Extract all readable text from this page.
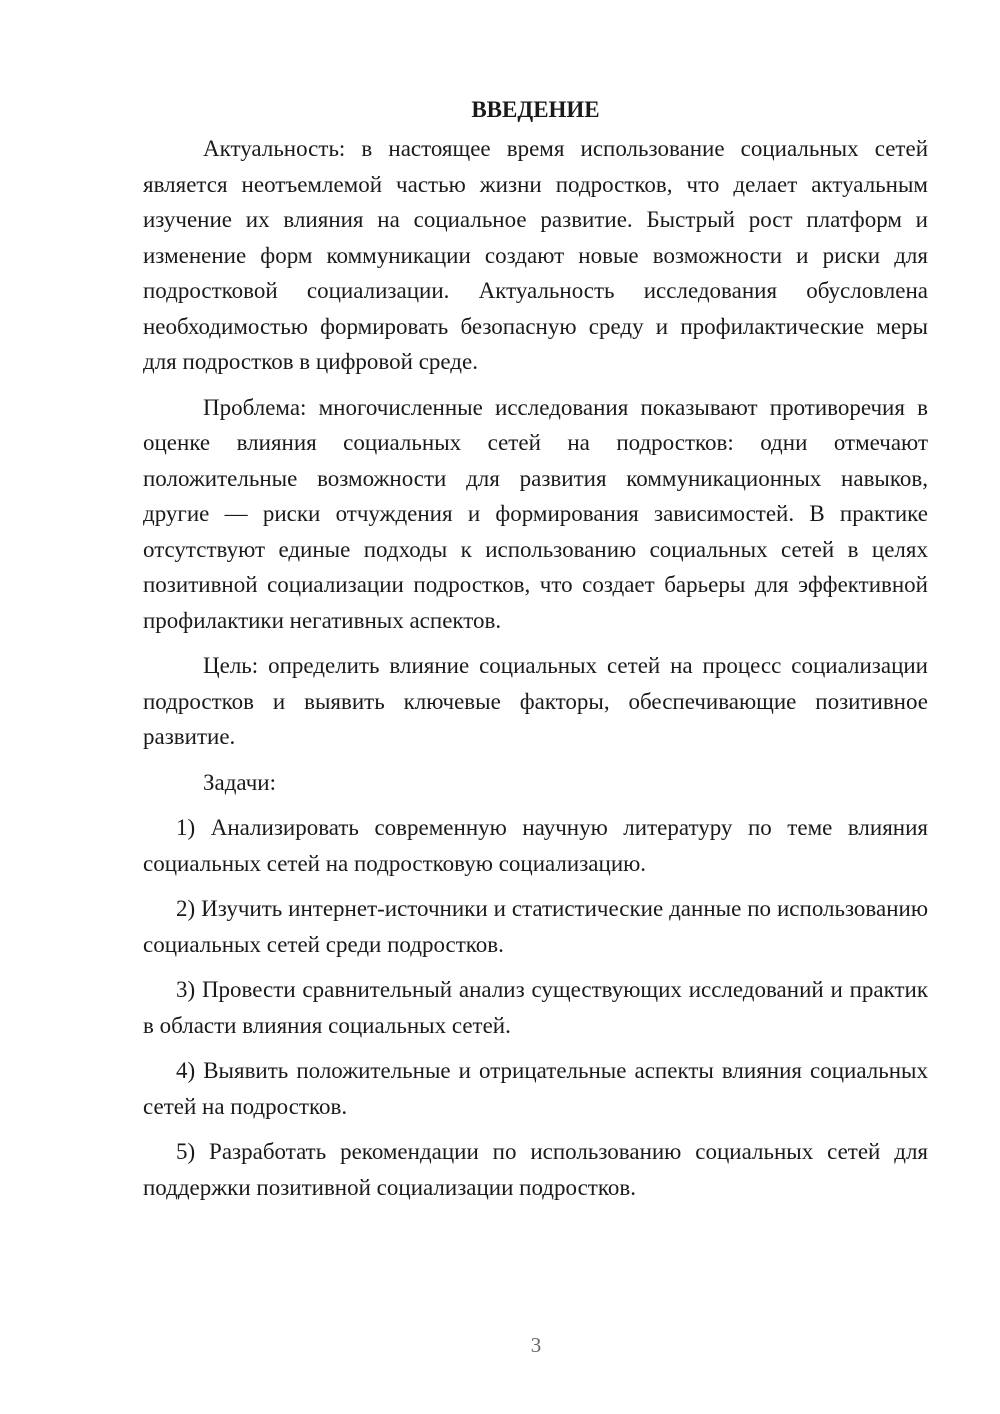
ВВЕДЕНИЕ

Актуальность: в настоящее время использование социальных сетей является неотъемлемой частью жизни подростков, что делает актуальным изучение их влияния на социальное развитие. Быстрый рост платформ и изменение форм коммуникации создают новые возможности и риски для подростковой социализации. Актуальность исследования обусловлена необходимостью формировать безопасную среду и профилактические меры для подростков в цифровой среде.

Проблема: многочисленные исследования показывают противоречия в оценке влияния социальных сетей на подростков: одни отмечают положительные возможности для развития коммуникационных навыков, другие — риски отчуждения и формирования зависимостей. В практике отсутствуют единые подходы к использованию социальных сетей в целях позитивной социализации подростков, что создает барьеры для эффективной профилактики негативных аспектов.

Цель: определить влияние социальных сетей на процесс социализации подростков и выявить ключевые факторы, обеспечивающие позитивное развитие.

Задачи:

1) Анализировать современную научную литературу по теме влияния социальных сетей на подростковую социализацию.

2) Изучить интернет-источники и статистические данные по использованию социальных сетей среди подростков.

3) Провести сравнительный анализ существующих исследований и практик в области влияния социальных сетей.

4) Выявить положительные и отрицательные аспекты влияния социальных сетей на подростков.

5) Разработать рекомендации по использованию социальных сетей для поддержки позитивной социализации подростков.

3
